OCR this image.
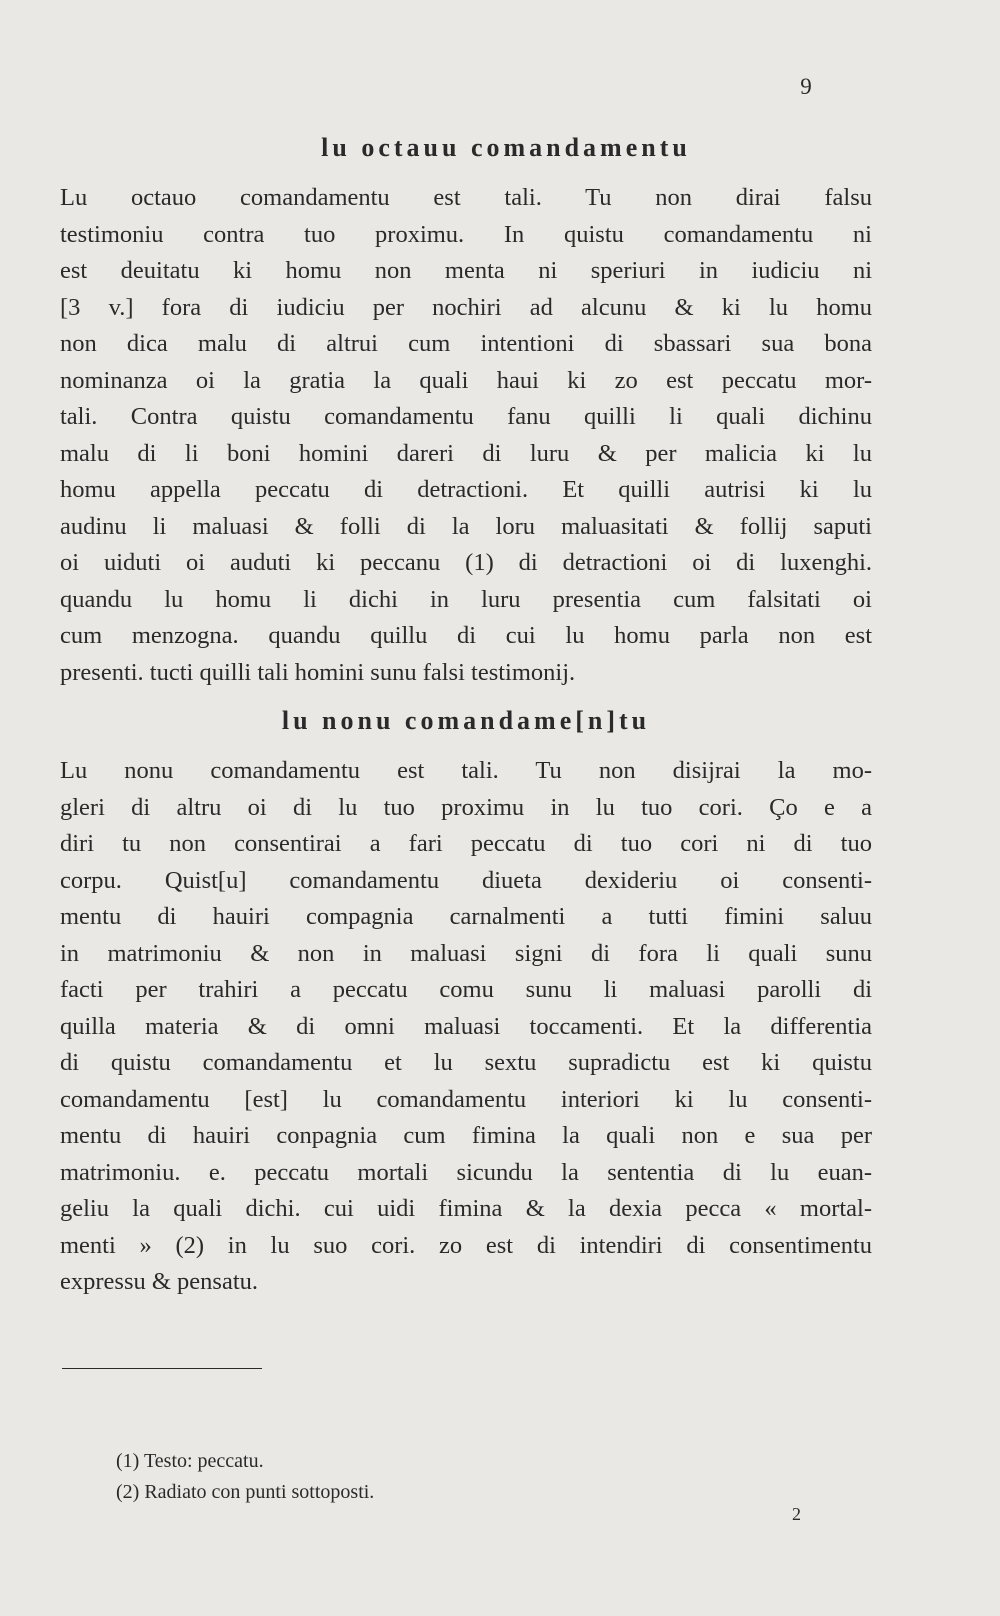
9
lu octauu comandamentu

Lu octauo comandamentu est tali. Tu non dirai falsu
testimoniu contra tuo proximu. In quistu comandamentu ni
est deuitatu ki homu non menta ni speriuri in iudiciu ni
[3 v.] fora di iudiciu per nochiri ad alcunu & ki lu homu
non dica malu di altrui cum intentioni di sbassari sua bona
nominanza oi la gratia la quali haui ki zo est peccatu mor-
tali. Contra quistu comandamentu fanu quilli li quali dichinu
malu di li boni homini dareri di luru & per malicia ki lu
homu appella peccatu di detractioni. Et quilli autrisi ki lu
audinu li maluasi & folli di la loru maluasitati & follij saputi
oi uiduti oi auduti ki peccanu (1) di detractioni oi di luxenghi.
quandu lu homu li dichi in luru presentia cum falsitati oi
cum menzogna. quandu quillu di cui lu homu parla non est
presenti. tucti quilli tali homini sunu falsi testimonij.

lu nonu comandame[n]tu

Lu nonu comandamentu est tali. Tu non disijrai la mo-
gleri di altru oi di lu tuo proximu in lu tuo cori. Ço e a
diri tu non consentirai a fari peccatu di tuo cori ni di tuo
corpu. Quist[u] comandamentu diueta dexideriu oi consenti-
mentu di hauiri compagnia carnalmenti a tutti fimini saluu
in matrimoniu & non in maluasi signi di fora li quali sunu
facti per trahiri a peccatu comu sunu li maluasi parolli di
quilla materia & di omni maluasi toccamenti. Et la differentia
di quistu comandamentu et lu sextu supradictu est ki quistu
comandamentu [est] lu comandamentu interiori ki lu consenti-
mentu di hauiri conpagnia cum fimina la quali non e sua per
matrimoniu. e. peccatu mortali sicundu la sententia di lu euan-
geliu la quali dichi. cui uidi fimina & la dexia pecca « mortal-
menti » (2) in lu suo cori. zo est di intendiri di consentimentu
expressu & pensatu.

(1) Testo: peccatu.
(2) Radiato con punti sottoposti.
2
